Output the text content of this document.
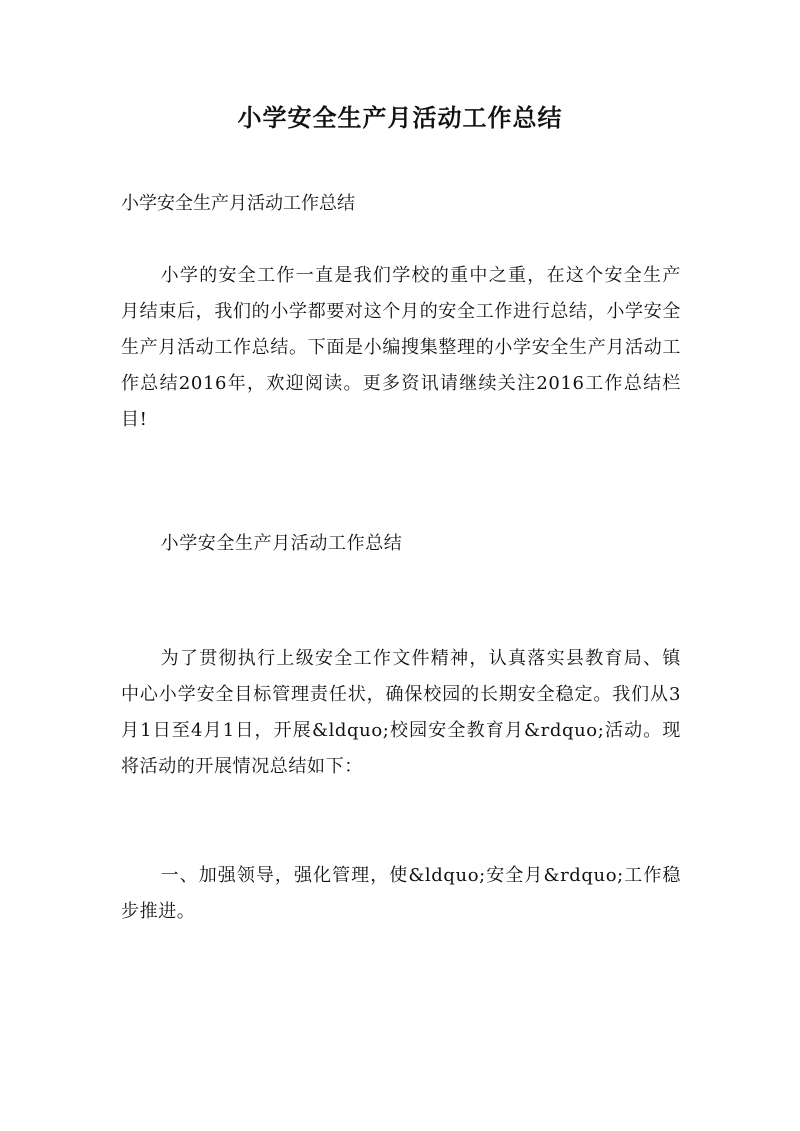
小学安全生产月活动工作总结

小学安全生产月活动工作总结

小学的安全工作一直是我们学校的重中之重，在这个安全生产月结束后，我们的小学都要对这个月的安全工作进行总结，小学安全生产月活动工作总结。下面是小编搜集整理的小学安全生产月活动工作总结2016年，欢迎阅读。更多资讯请继续关注2016工作总结栏目!

小学安全生产月活动工作总结

为了贯彻执行上级安全工作文件精神，认真落实县教育局、镇中心小学安全目标管理责任状，确保校园的长期安全稳定。我们从3月1日至4月1日，开展&ldquo;校园安全教育月&rdquo;活动。现将活动的开展情况总结如下：

一、加强领导，强化管理，使&ldquo;安全月&rdquo;工作稳步推进。
